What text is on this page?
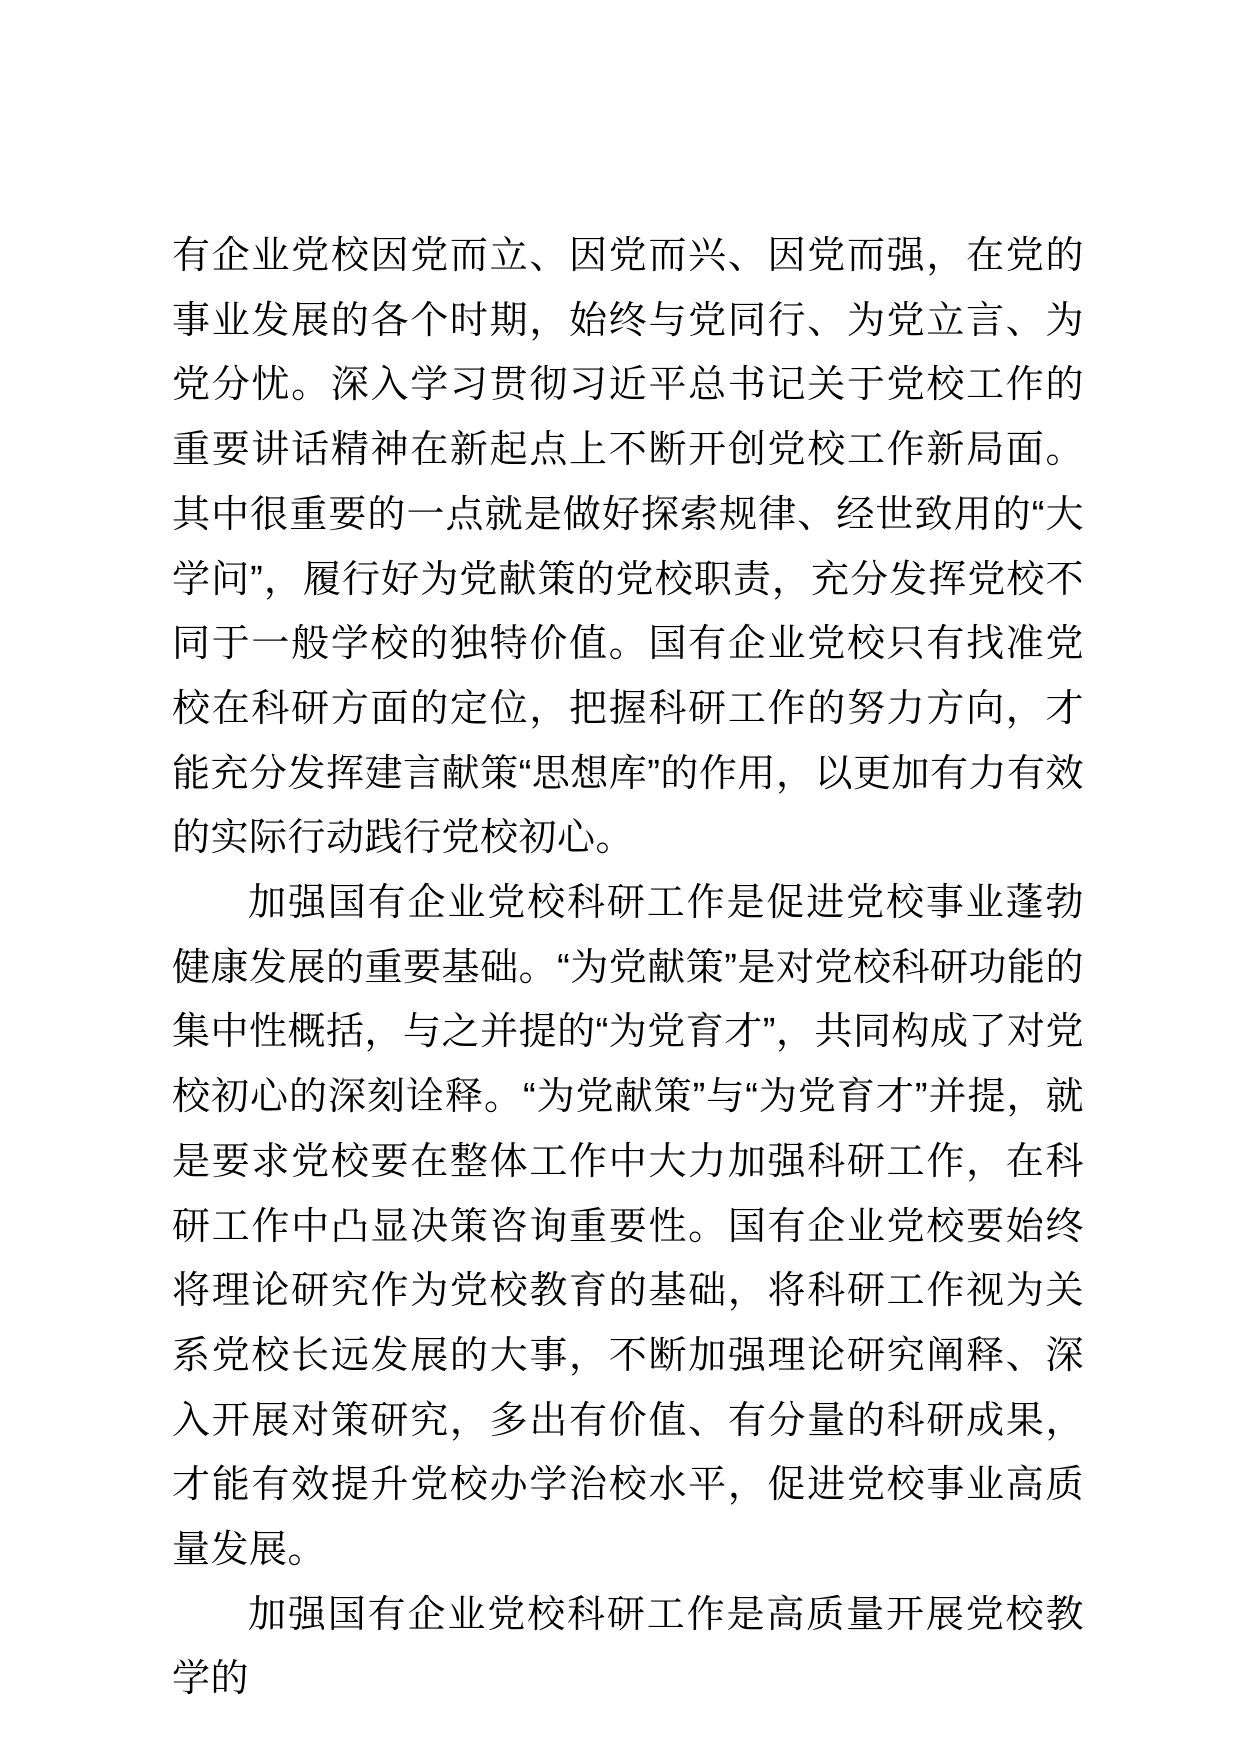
有企业党校因党而立、因党而兴、因党而强，在党的事业发展的各个时期，始终与党同行、为党立言、为党分忧。深入学习贯彻习近平总书记关于党校工作的重要讲话精神在新起点上不断开创党校工作新局面。其中很重要的一点就是做好探索规律、经世致用的“大学问”，履行好为党献策的党校职责，充分发挥党校不同于一般学校的独特价值。国有企业党校只有找准党校在科研方面的定位，把握科研工作的努力方向，才能充分发挥建言献策“思想库”的作用，以更加有力有效的实际行动践行党校初心。

加强国有企业党校科研工作是促进党校事业蓬勃健康发展的重要基础。“为党献策”是对党校科研功能的集中性概括，与之并提的“为党育才”，共同构成了对党校初心的深刻诠释。“为党献策”与“为党育才”并提，就是要求党校要在整体工作中大力加强科研工作，在科研工作中凸显决策咨询重要性。国有企业党校要始终将理论研究作为党校教育的基础，将科研工作视为关系党校长远发展的大事，不断加强理论研究阐释、深入开展对策研究，多出有价值、有分量的科研成果，才能有效提升党校办学治校水平，促进党校事业高质量发展。

加强国有企业党校科研工作是高质量开展党校教学的
